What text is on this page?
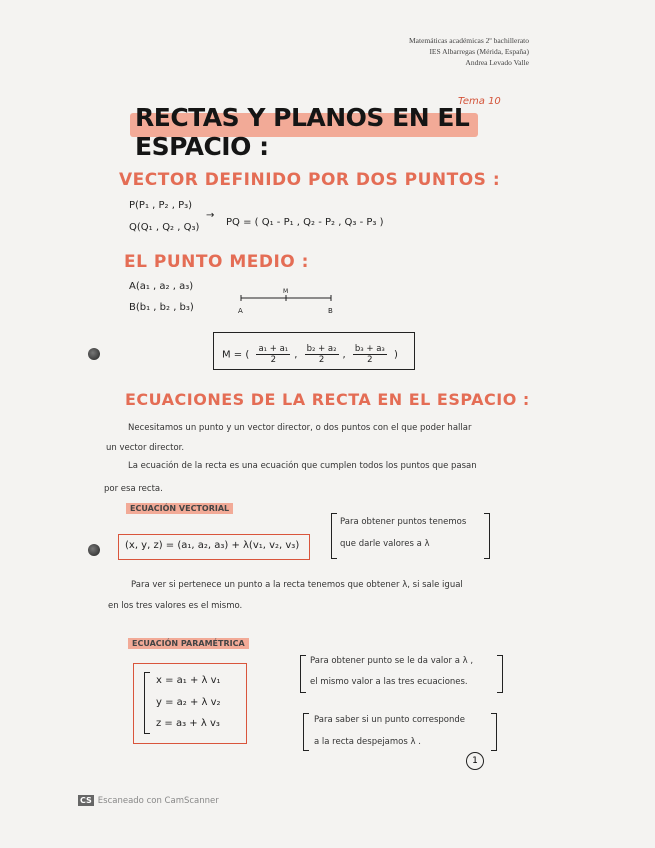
Matemáticas académicas 2º bachillerato
IES Albarregas (Mérida, España)
Andrea Levado Valle
RECTAS Y PLANOS EN EL ESPACIO :
Tema 10
VECTOR DEFINIDO POR DOS PUNTOS :
P(P₁ , P₂ , P₃)
Q(Q₁ , Q₂ , Q₃)
→
PQ = ( Q₁ - P₁ , Q₂ - P₂ , Q₃ - P₃ )
EL PUNTO MEDIO :
A(a₁ , a₂ , a₃)
B(b₁ , b₂ , b₃)	A
M
B
M = ( $\frac{\text{a₁ + a₁}}{2}$ , $\frac{\text{b₂ + a₂}}{2}$ , $\frac{\text{b₃ + a₃}}{2}$ )
ECUACIONES DE LA RECTA EN EL ESPACIO :
Necesitamos un punto y un vector director, o dos puntos con el que poder hallar
un vector director.
La ecuación de la recta es una ecuación que cumplen todos los puntos que pasan
por esa recta.
ECUACIÓN VECTORIAL
(x, y, z) = (a₁, a₂, a₃) + λ(v₁, v₂, v₃)
Para obtener puntos tenemos
que darle valores a λ
Para ver si pertenece un punto a la recta tenemos que obtener λ, si sale igual
en los tres valores es el mismo.
ECUACIÓN PARAMÉTRICA
x = a₁ + λ v₁
y = a₂ + λ v₂
z = a₃ + λ v₃
Para obtener punto se le da valor a λ ,
el mismo valor a las tres ecuaciones.
Para saber si un punto corresponde
a la recta despejamos λ .
1
CS Escaneado con CamScanner
